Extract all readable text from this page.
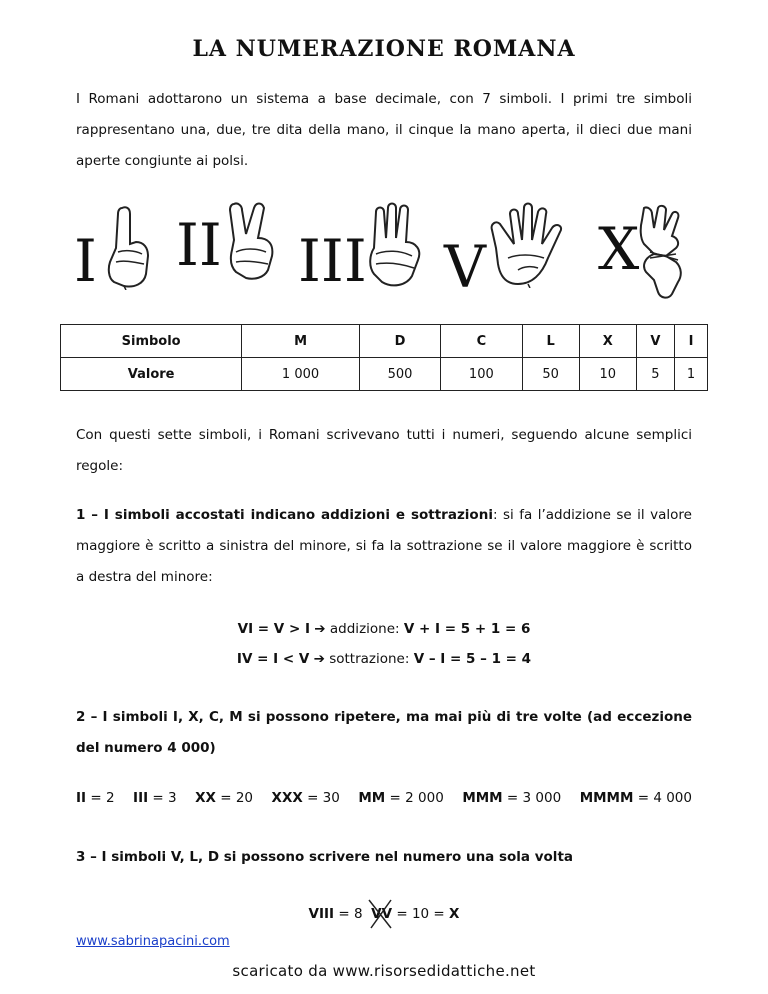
LA NUMERAZIONE ROMANA
I Romani adottarono un sistema a base decimale, con 7 simboli. I primi tre simboli rappresentano una, due, tre dita della mano, il cinque la mano aperta, il dieci due mani aperte congiunte ai polsi.
I II III V X
Simbolo	M	D	C	L	X	V	I
Valore	1 000	500	100	50	10	5	1
Con questi sette simboli, i Romani scrivevano tutti i numeri, seguendo alcune semplici regole:
1 – I simboli accostati indicano addizioni e sottrazioni: si fa l’addizione se il valore maggiore è scritto a sinistra del minore, si fa la sottrazione se il valore maggiore è scritto a destra del minore:
VI = V > I ➔ addizione: V + I = 5 + 1 = 6
IV = I < V ➔ sottrazione: V – I = 5 – 1 = 4
2 – I simboli I, X, C, M si possono ripetere, ma mai più di tre volte (ad eccezione del numero 4 000)
II = 2 III = 3 XX = 20 XXX = 30 MM = 2 000 MMM = 3 000 MMMM = 4 000
3 – I simboli V, L, D si possono scrivere nel numero una sola volta
VIII = 8 VV
= 10 = X
www.sabrinapacini.com
scaricato da www.risorsedidattiche.net
